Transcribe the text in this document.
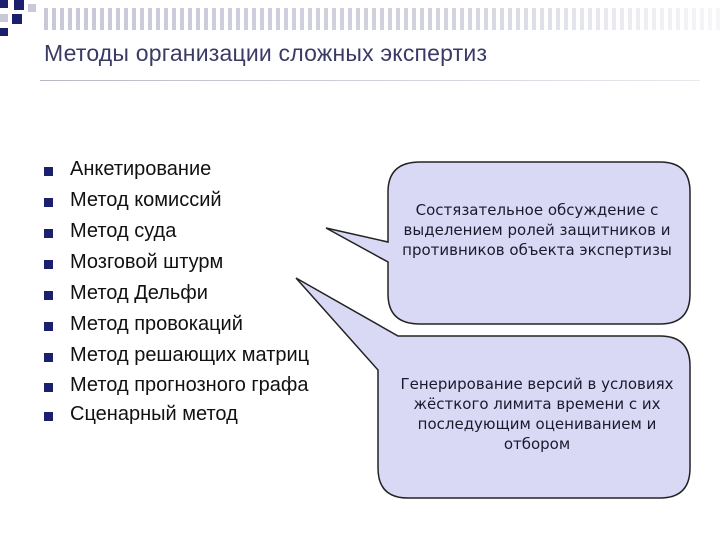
Методы организации сложных экспертиз
Анкетирование
Метод комиссий
Метод суда
Мозговой штурм
Метод Дельфи
Метод провокаций
Метод решающих матриц
Метод прогнозного графа
Сценарный метод
Состязательное обсуждение с выделением ролей защитников и противников объекта экспертизы
Генерирование версий в условиях жёсткого лимита времени с их последующим оцениванием и отбором
